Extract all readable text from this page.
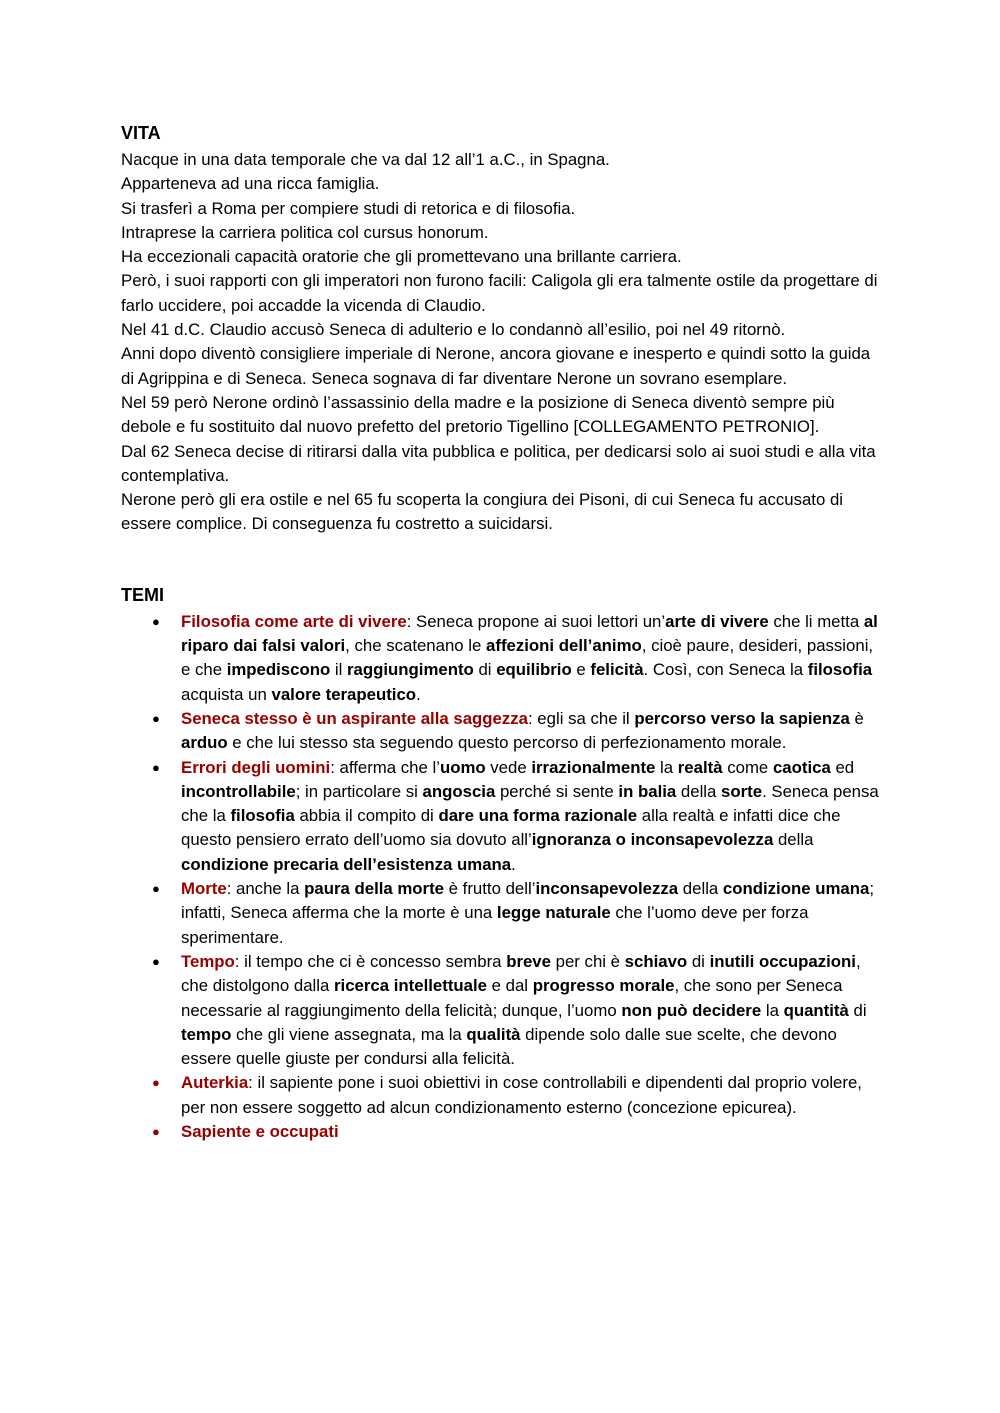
VITA

Nacque in una data temporale che va dal 12 all’1 a.C., in Spagna.

Apparteneva ad una ricca famiglia.

Si trasferì a Roma per compiere studi di retorica e di filosofia.

Intraprese la carriera politica col cursus honorum.

Ha eccezionali capacità oratorie che gli promettevano una brillante carriera.

Però, i suoi rapporti con gli imperatori non furono facili: Caligola gli era talmente ostile da progettare di farlo uccidere, poi accadde la vicenda di Claudio.

Nel 41 d.C. Claudio accusò Seneca di adulterio e lo condannò all’esilio, poi nel 49 ritornò.

Anni dopo diventò consigliere imperiale di Nerone, ancora giovane e inesperto e quindi sotto la guida di Agrippina e di Seneca. Seneca sognava di far diventare Nerone un sovrano esemplare.

Nel 59 però Nerone ordinò l’assassinio della madre e la posizione di Seneca diventò sempre più debole e fu sostituito dal nuovo prefetto del pretorio Tigellino [COLLEGAMENTO PETRONIO].

Dal 62 Seneca decise di ritirarsi dalla vita pubblica e politica, per dedicarsi solo ai suoi studi e alla vita contemplativa.

Nerone però gli era ostile e nel 65 fu scoperta la congiura dei Pisoni, di cui Seneca fu accusato di essere complice. Di conseguenza fu costretto a suicidarsi.

TEMI
● Filosofia come arte di vivere: Seneca propone ai suoi lettori un’arte di vivere che li metta al riparo dai falsi valori, che scatenano le affezioni dell’animo, cioè paure, desideri, passioni, e che impediscono il raggiungimento di equilibrio e felicità. Così, con Seneca la filosofia acquista un valore terapeutico.
● Seneca stesso è un aspirante alla saggezza: egli sa che il percorso verso la sapienza è arduo e che lui stesso sta seguendo questo percorso di perfezionamento morale.
● Errori degli uomini: afferma che l’uomo vede irrazionalmente la realtà come caotica ed incontrollabile; in particolare si angoscia perché si sente in balia della sorte. Seneca pensa che la filosofia abbia il compito di dare una forma razionale alla realtà e infatti dice che questo pensiero errato dell’uomo sia dovuto all’ignoranza o inconsapevolezza della condizione precaria dell’esistenza umana.
● Morte: anche la paura della morte è frutto dell’inconsapevolezza della condizione umana; infatti, Seneca afferma che la morte è una legge naturale che l’uomo deve per forza sperimentare.
● Tempo: il tempo che ci è concesso sembra breve per chi è schiavo di inutili occupazioni, che distolgono dalla ricerca intellettuale e dal progresso morale, che sono per Seneca necessarie al raggiungimento della felicità; dunque, l’uomo non può decidere la quantità di tempo che gli viene assegnata, ma la qualità dipende solo dalle sue scelte, che devono essere quelle giuste per condursi alla felicità.
● Auterkia: il sapiente pone i suoi obiettivi in cose controllabili e dipendenti dal proprio volere, per non essere soggetto ad alcun condizionamento esterno (concezione epicurea).
● Sapiente e occupati
